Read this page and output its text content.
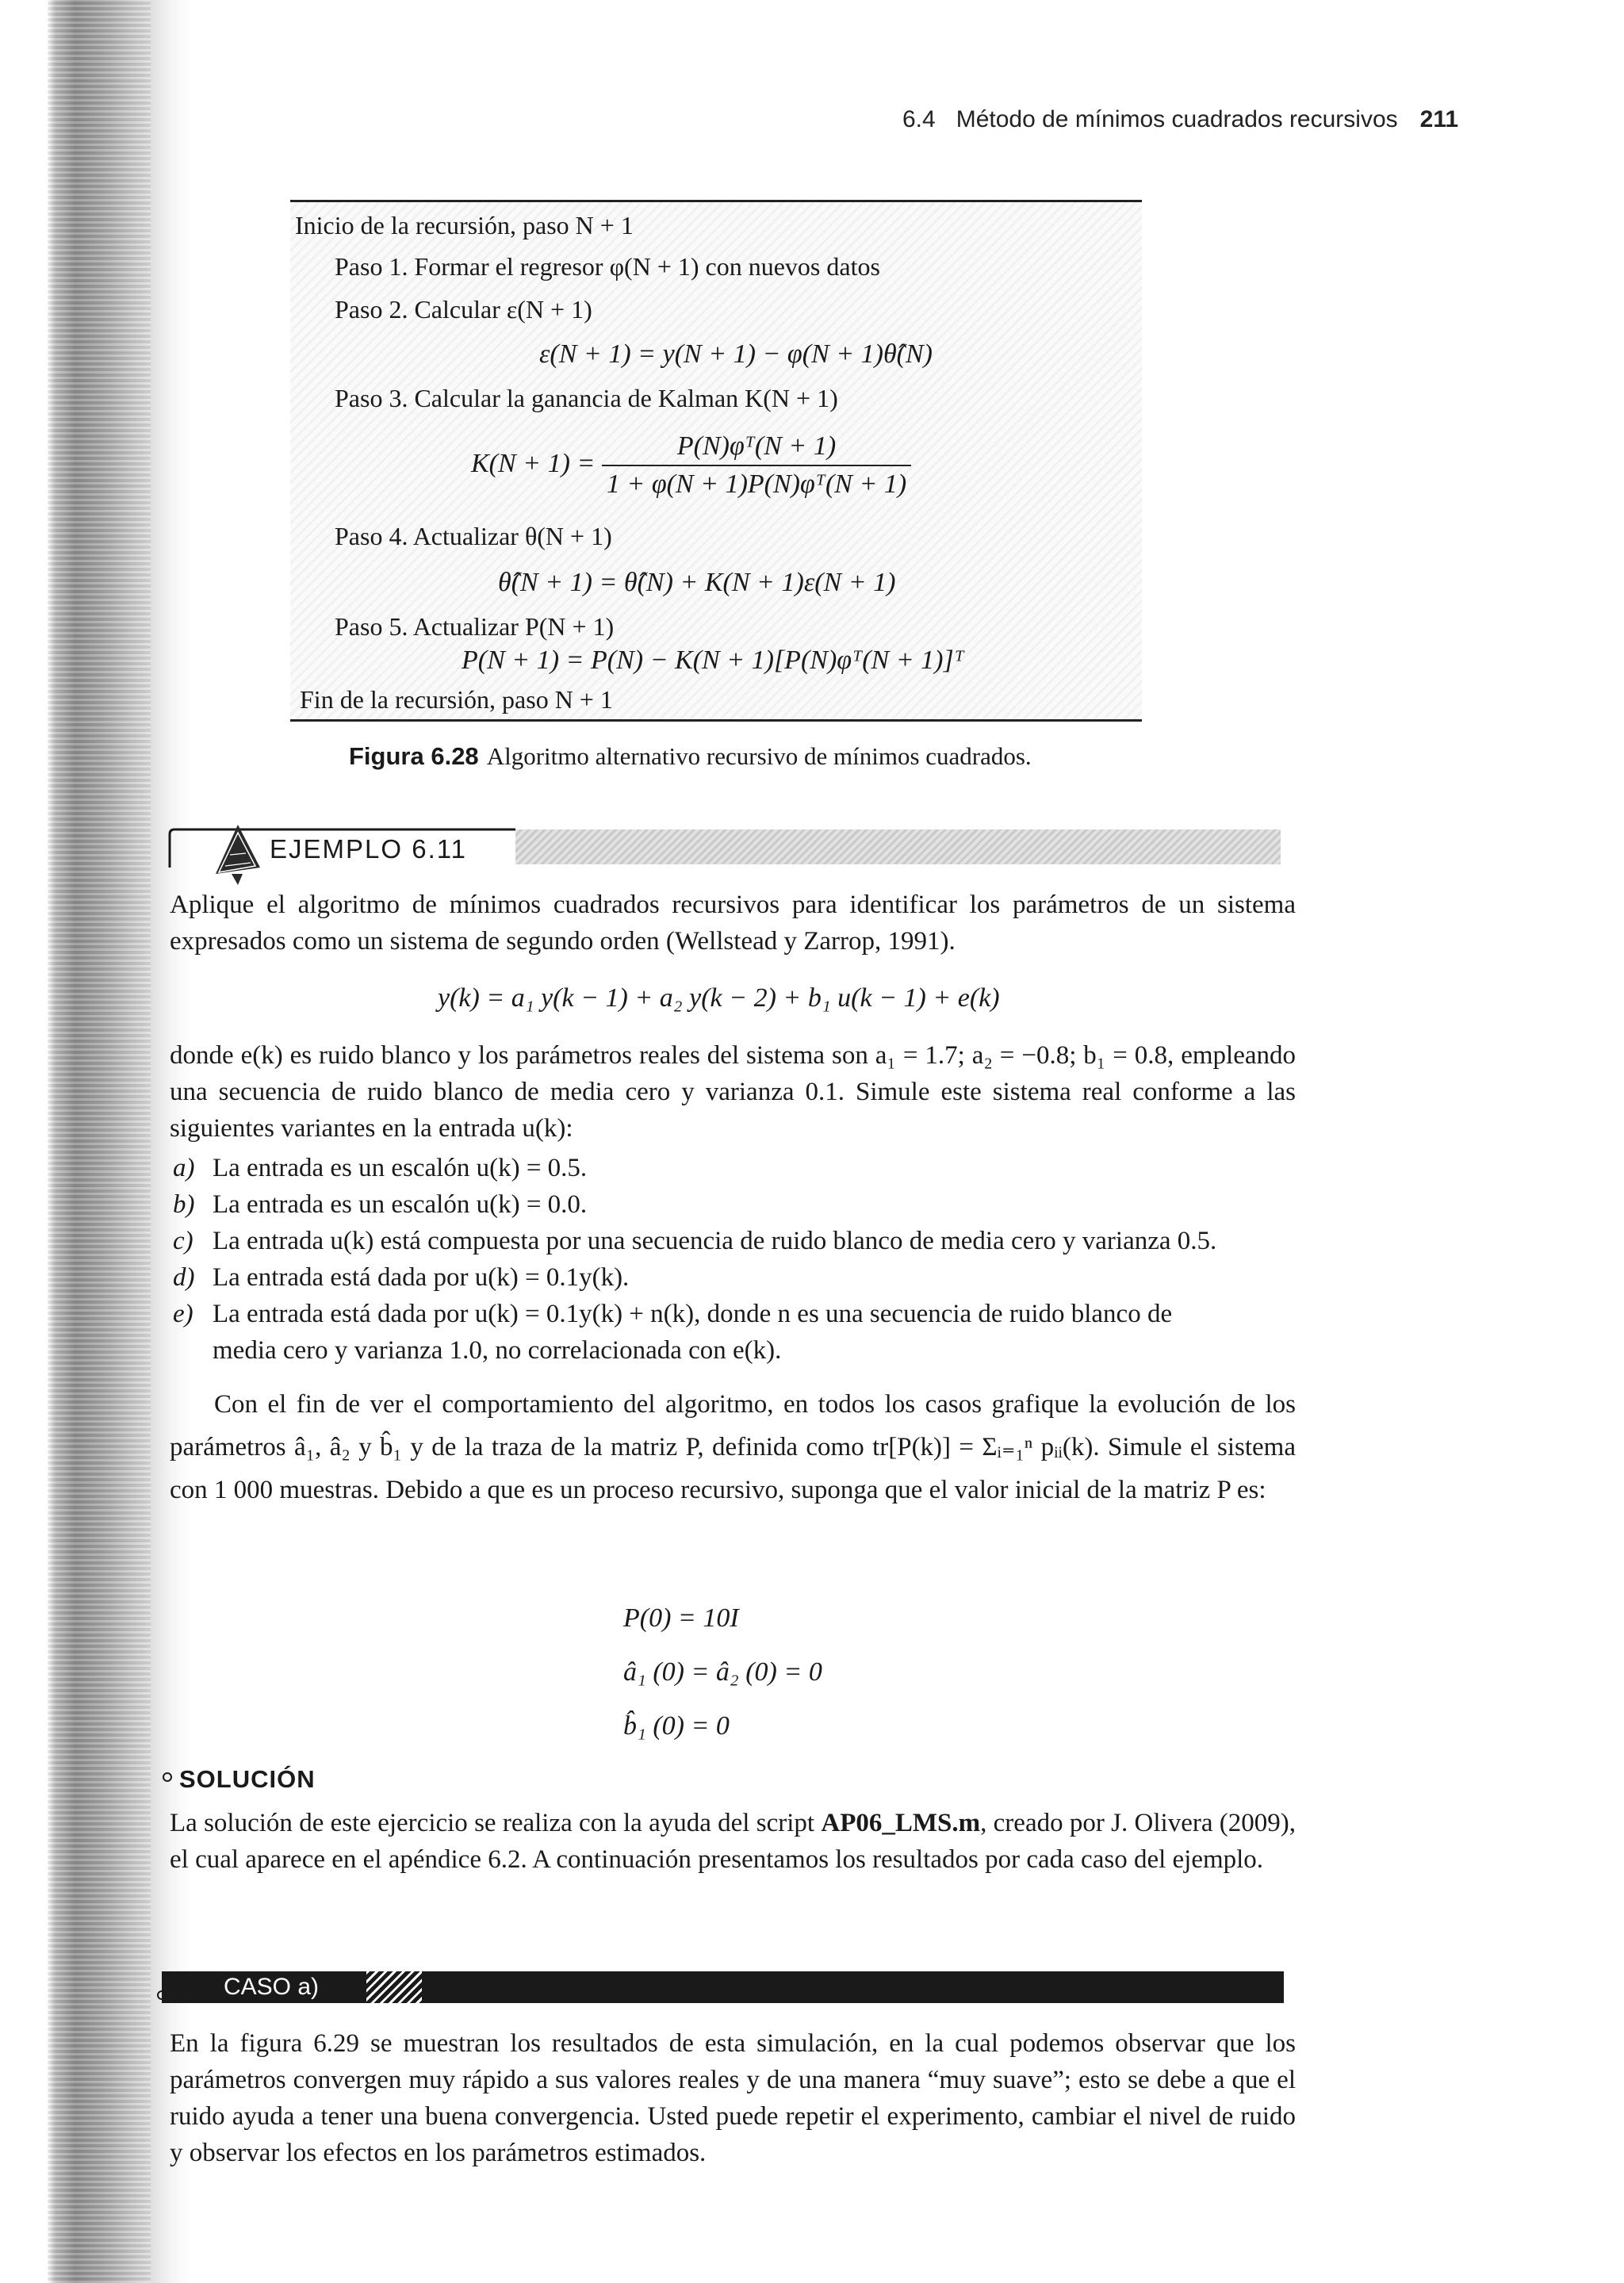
6.4 Método de mínimos cuadrados recursivos 211
Inicio de la recursión, paso N + 1
Paso 1. Formar el regresor φ(N + 1) con nuevos datos
Paso 2. Calcular ε(N + 1)
ε(N + 1) = y(N + 1) − φ(N + 1)θ̂(N)
Paso 3. Calcular la ganancia de Kalman K(N + 1)
$K(N + 1) = \frac{\text{P(N)φᵀ(N + 1)}}{\text{1 + φ(N + 1)P(N)φᵀ(N + 1)}}$
Paso 4. Actualizar θ(N + 1)
θ̂(N + 1) = θ̂(N) + K(N + 1)ε(N + 1)
Paso 5. Actualizar P(N + 1)
P(N + 1) = P(N) − K(N + 1)[P(N)φᵀ(N + 1)]ᵀ
Fin de la recursión, paso N + 1
Figura 6.28 Algoritmo alternativo recursivo de mínimos cuadrados.
EJEMPLO 6.11
Aplique el algoritmo de mínimos cuadrados recursivos para identificar los parámetros de un sistema expresados como un sistema de segundo orden (Wellstead y Zarrop, 1991).
y(k) = a₁ y(k − 1) + a₂ y(k − 2) + b₁ u(k − 1) + e(k)
donde e(k) es ruido blanco y los parámetros reales del sistema son a₁ = 1.7; a₂ = −0.8; b₁ = 0.8, empleando una secuencia de ruido blanco de media cero y varianza 0.1. Simule este sistema real conforme a las siguientes variantes en la entrada u(k):
a) La entrada es un escalón u(k) = 0.5.
b) La entrada es un escalón u(k) = 0.0.
c) La entrada u(k) está compuesta por una secuencia de ruido blanco de media cero y varianza 0.5.
d) La entrada está dada por u(k) = 0.1y(k).
e) La entrada está dada por u(k) = 0.1y(k) + n(k), donde n es una secuencia de ruido blanco de
media cero y varianza 1.0, no correlacionada con e(k).
Con el fin de ver el comportamiento del algoritmo, en todos los casos grafique la evolución de los parámetros â₁, â₂ y b̂₁ y de la traza de la matriz P, definida como tr[P(k)] = Σᵢ₌₁ⁿ pᵢᵢ(k). Simule el sistema con 1 000 muestras. Debido a que es un proceso recursivo, suponga que el valor inicial de la matriz P es:
P(0) = 10I
â₁ (0) = â₂ (0) = 0
b̂₁ (0) = 0
SOLUCIÓN
La solución de este ejercicio se realiza con la ayuda del script AP06_LMS.m, creado por J. Olivera (2009), el cual aparece en el apéndice 6.2. A continuación presentamos los resultados por cada caso del ejemplo.
CASO a)
En la figura 6.29 se muestran los resultados de esta simulación, en la cual podemos observar que los parámetros convergen muy rápido a sus valores reales y de una manera “muy suave”; esto se debe a que el ruido ayuda a tener una buena convergencia. Usted puede repetir el experimento, cambiar el nivel de ruido y observar los efectos en los parámetros estimados.
